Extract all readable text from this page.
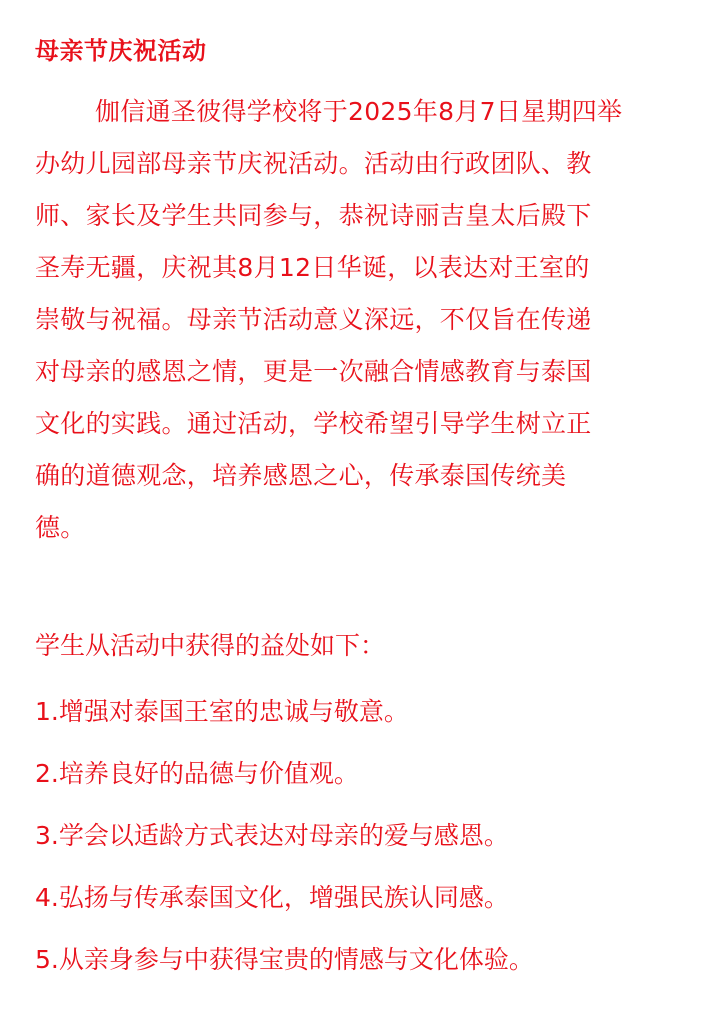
母亲节庆祝活动
伽信通圣彼得学校将于2025年8月7日星期四举
办幼儿园部母亲节庆祝活动。活动由行政团队、教
师、家长及学生共同参与，恭祝诗丽吉皇太后殿下
圣寿无疆，庆祝其8月12日华诞，以表达对王室的
崇敬与祝福。母亲节活动意义深远，不仅旨在传递
对母亲的感恩之情，更是一次融合情感教育与泰国
文化的实践。通过活动，学校希望引导学生树立正
确的道德观念，培养感恩之心，传承泰国传统美
德。
学生从活动中获得的益处如下：
1.增强对泰国王室的忠诚与敬意。
2.培养良好的品德与价值观。
3.学会以适龄方式表达对母亲的爱与感恩。
4.弘扬与传承泰国文化，增强民族认同感。
5.从亲身参与中获得宝贵的情感与文化体验。
